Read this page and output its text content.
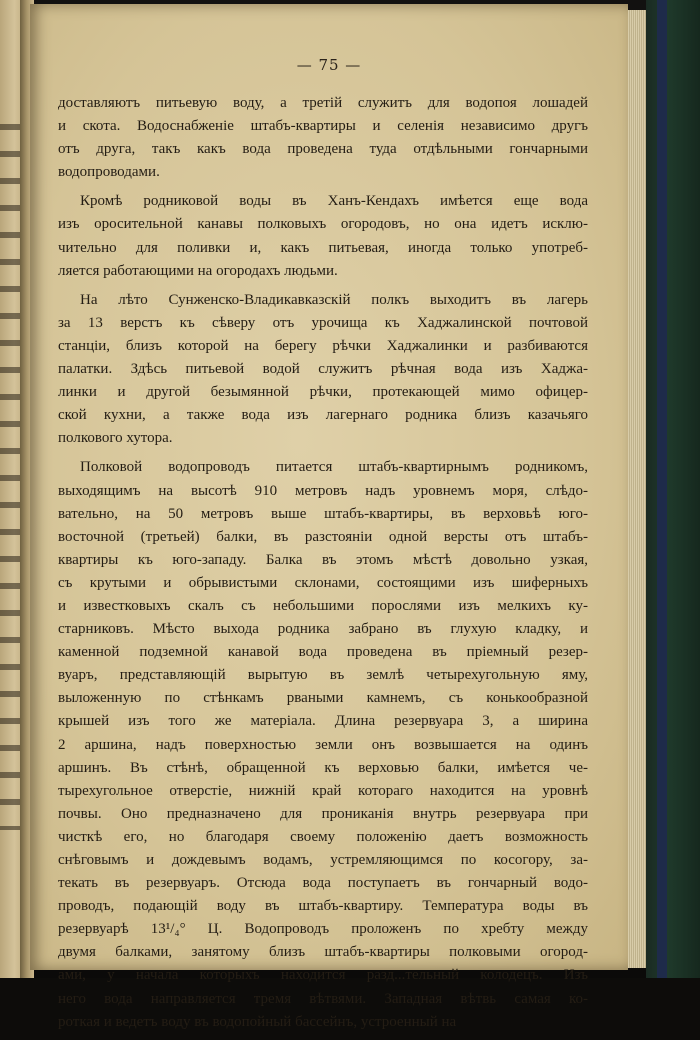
— 75 —
доставляютъ питьевую воду, а третій служитъ для водопоя лошадей
и скота. Водоснабженіе штабъ-квартиры и селенія независимо другъ
отъ друга, такъ какъ вода проведена туда отдѣльными гончарными
водопроводами.
Кромѣ родниковой воды въ Ханъ-Кендахъ имѣется еще вода
изъ оросительной канавы полковыхъ огородовъ, но она идетъ исклю-
чительно для поливки и, какъ питьевая, иногда только употреб-
ляется работающими на огородахъ людьми.
На лѣто Сунженско-Владикавказскій полкъ выходитъ въ лагерь
за 13 верстъ къ сѣверу отъ урочища къ Хаджалинской почтовой
станціи, близъ которой на берегу рѣчки Хаджалинки и разбиваются
палатки. Здѣсь питьевой водой служитъ рѣчная вода изъ Хаджа-
линки и другой безымянной рѣчки, протекающей мимо офицер-
ской кухни, а также вода изъ лагернаго родника близъ казачьяго
полкового хутора.
Полковой водопроводъ питается штабъ-квартирнымъ родникомъ,
выходящимъ на высотѣ 910 метровъ надъ уровнемъ моря, слѣдо-
вательно, на 50 метровъ выше штабъ-квартиры, въ верховьѣ юго-
восточной (третьей) балки, въ разстояніи одной версты отъ штабъ-
квартиры къ юго-западу. Балка въ этомъ мѣстѣ довольно узкая,
съ крутыми и обрывистыми склонами, состоящими изъ шиферныхъ
и известковыхъ скалъ съ небольшими порослями изъ мелкихъ ку-
старниковъ. Мѣсто выхода родника забрано въ глухую кладку, и
каменной подземной канавой вода проведена въ пріемный резер-
вуаръ, представляющій вырытую въ землѣ четырехугольную яму,
выложенную по стѣнкамъ рваными камнемъ, съ конькообразной
крышей изъ того же матеріала. Длина резервуара 3, а ширина
2 аршина, надъ поверхностью земли онъ возвышается на одинъ
аршинъ. Въ стѣнѣ, обращенной къ верховью балки, имѣется че-
тырехугольное отверстіе, нижній край котораго находится на уровнѣ
почвы. Оно предназначено для прониканія внутрь резервуара при
чисткѣ его, но благодаря своему положенію даетъ возможность
снѣговымъ и дождевымъ водамъ, устремляющимся по косогору, за-
текать въ резервуаръ. Отсюда вода поступаетъ въ гончарный водо-
проводъ, подающій воду въ штабъ-квартиру. Температура воды въ
резервуарѣ 13¹/₄° Ц. Водопроводъ проложенъ по хребту между
двумя балками, занятому близъ штабъ-квартиры полковыми огород-
ами, у начала которыхъ находится разд...тельный колодецъ. Изъ
него вода направляется тремя вѣтвями. Западная вѣтвь самая ко-
роткая и ведетъ воду въ водопойный бассейнъ, устроенный на
